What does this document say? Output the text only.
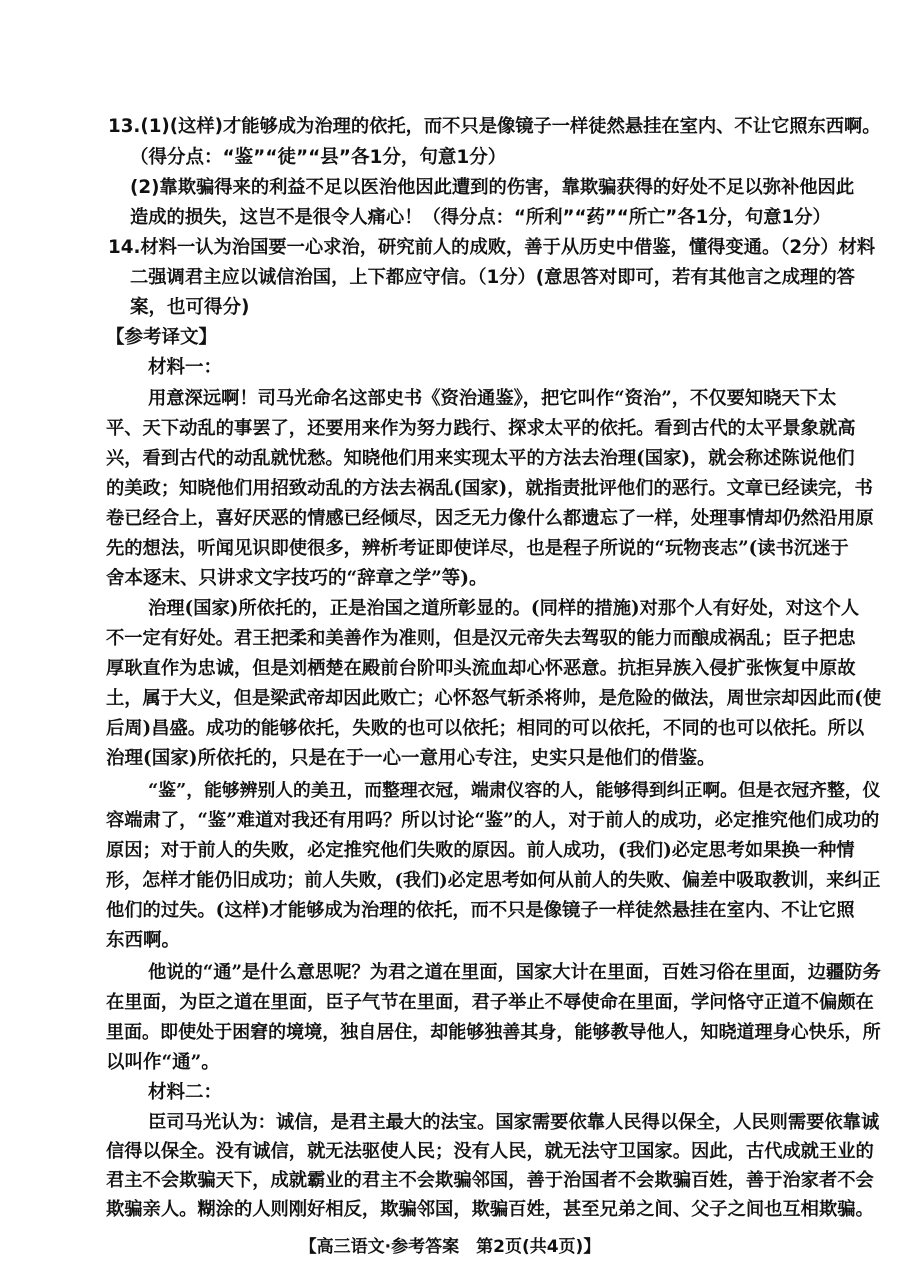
13.(1)(这样)才能够成为治理的依托，而不只是像镜子一样徒然悬挂在室内、不让它照东西啊。
（得分点：“鉴”“徒”“县”各1分，句意1分）
(2)靠欺骗得来的利益不足以医治他因此遭到的伤害，靠欺骗获得的好处不足以弥补他因此
造成的损失，这岂不是很令人痛心！（得分点：“所利”“药”“所亡”各1分，句意1分）
14.材料一认为治国要一心求治，研究前人的成败，善于从历史中借鉴，懂得变通。（2分）材料
二强调君主应以诚信治国，上下都应守信。（1分）(意思答对即可，若有其他言之成理的答
案，也可得分)
【参考译文】
材料一：
用意深远啊！司马光命名这部史书《资治通鉴》，把它叫作“资治”，不仅要知晓天下太
平、天下动乱的事罢了，还要用来作为努力践行、探求太平的依托。看到古代的太平景象就高
兴，看到古代的动乱就忧愁。知晓他们用来实现太平的方法去治理(国家)，就会称述陈说他们
的美政；知晓他们用招致动乱的方法去祸乱(国家)，就指责批评他们的恶行。文章已经读完，书
卷已经合上，喜好厌恶的情感已经倾尽，因乏无力像什么都遗忘了一样，处理事情却仍然沿用原
先的想法，听闻见识即使很多，辨析考证即使详尽，也是程子所说的“玩物丧志”(读书沉迷于
舍本逐末、只讲求文字技巧的“辞章之学”等)。
治理(国家)所依托的，正是治国之道所彰显的。(同样的措施)对那个人有好处，对这个人
不一定有好处。君王把柔和美善作为准则，但是汉元帝失去驾驭的能力而酿成祸乱；臣子把忠
厚耿直作为忠诚，但是刘栖楚在殿前台阶叩头流血却心怀恶意。抗拒异族入侵扩张恢复中原故
土，属于大义，但是梁武帝却因此败亡；心怀怒气斩杀将帅，是危险的做法，周世宗却因此而(使
后周)昌盛。成功的能够依托，失败的也可以依托；相同的可以依托，不同的也可以依托。所以
治理(国家)所依托的，只是在于一心一意用心专注，史实只是他们的借鉴。
“鉴”，能够辨别人的美丑，而整理衣冠，端肃仪容的人，能够得到纠正啊。但是衣冠齐整，仪
容端肃了，“鉴”难道对我还有用吗？所以讨论“鉴”的人，对于前人的成功，必定推究他们成功的
原因；对于前人的失败，必定推究他们失败的原因。前人成功，(我们)必定思考如果换一种情
形，怎样才能仍旧成功；前人失败，(我们)必定思考如何从前人的失败、偏差中吸取教训，来纠正
他们的过失。(这样)才能够成为治理的依托，而不只是像镜子一样徒然悬挂在室内、不让它照
东西啊。
他说的“通”是什么意思呢？为君之道在里面，国家大计在里面，百姓习俗在里面，边疆防务
在里面，为臣之道在里面，臣子气节在里面，君子举止不辱使命在里面，学问恪守正道不偏颇在
里面。即使处于困窘的境境，独自居住，却能够独善其身，能够教导他人，知晓道理身心快乐，所
以叫作“通”。
材料二：
臣司马光认为：诚信，是君主最大的法宝。国家需要依靠人民得以保全，人民则需要依靠诚
信得以保全。没有诚信，就无法驱使人民；没有人民，就无法守卫国家。因此，古代成就王业的
君主不会欺骗天下，成就霸业的君主不会欺骗邻国，善于治国者不会欺骗百姓，善于治家者不会
欺骗亲人。糊涂的人则刚好相反，欺骗邻国，欺骗百姓，甚至兄弟之间、父子之间也互相欺骗。
【高三语文·参考答案　第2页(共4页)】
